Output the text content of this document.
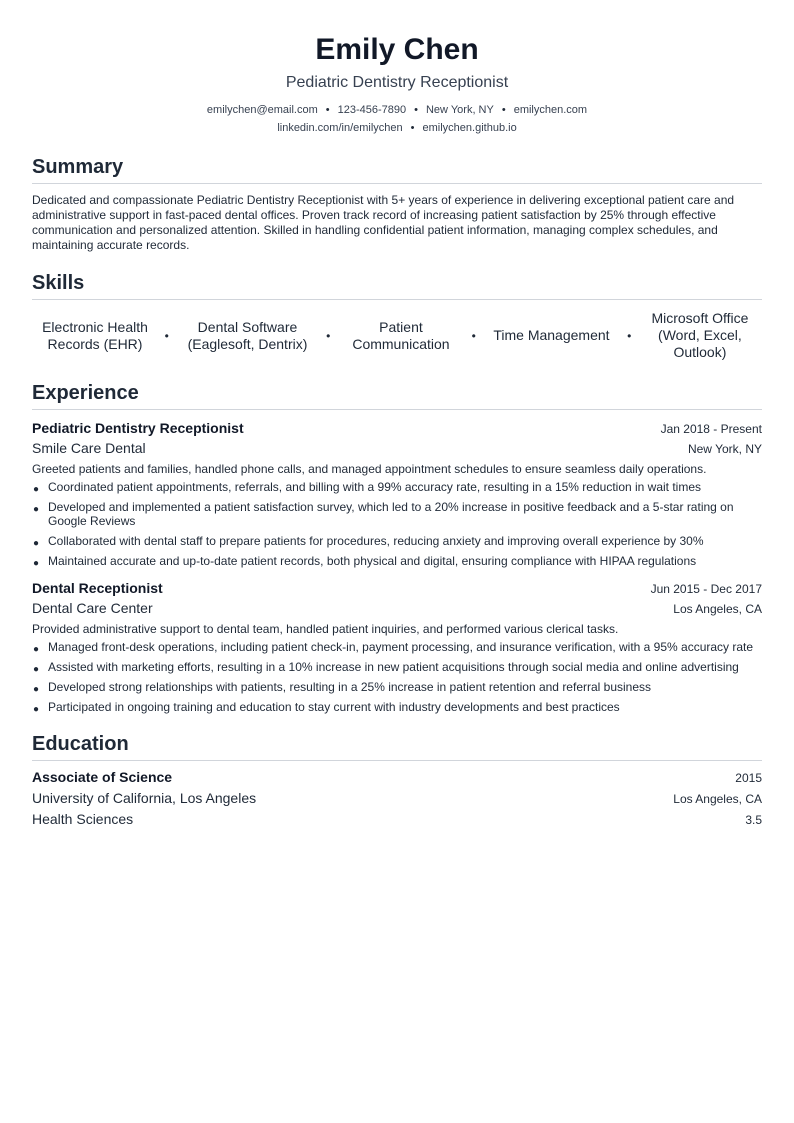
Emily Chen
Pediatric Dentistry Receptionist
emilychen@email.com • 123-456-7890 • New York, NY • emilychen.com
linkedin.com/in/emilychen • emilychen.github.io
Summary
Dedicated and compassionate Pediatric Dentistry Receptionist with 5+ years of experience in delivering exceptional patient care and administrative support in fast-paced dental offices. Proven track record of increasing patient satisfaction by 25% through effective communication and personalized attention. Skilled in handling confidential patient information, managing complex schedules, and maintaining accurate records.
Skills
Electronic Health Records (EHR)	•
Dental Software (Eaglesoft, Dentrix)	•
Patient Communication	•	Time Management	•
Microsoft Office (Word, Excel, Outlook)
Experience
Pediatric Dentistry Receptionist	Jan 2018 - Present
Smile Care Dental	New York, NY
Greeted patients and families, handled phone calls, and managed appointment schedules to ensure seamless daily operations.
● Coordinated patient appointments, referrals, and billing with a 99% accuracy rate, resulting in a 15% reduction in wait times
● Developed and implemented a patient satisfaction survey, which led to a 20% increase in positive feedback and a 5-star rating on Google Reviews
● Collaborated with dental staff to prepare patients for procedures, reducing anxiety and improving overall experience by 30%
● Maintained accurate and up-to-date patient records, both physical and digital, ensuring compliance with HIPAA regulations
Dental Receptionist	Jun 2015 - Dec 2017
Dental Care Center	Los Angeles, CA
Provided administrative support to dental team, handled patient inquiries, and performed various clerical tasks.
● Managed front-desk operations, including patient check-in, payment processing, and insurance verification, with a 95% accuracy rate
● Assisted with marketing efforts, resulting in a 10% increase in new patient acquisitions through social media and online advertising
● Developed strong relationships with patients, resulting in a 25% increase in patient retention and referral business
● Participated in ongoing training and education to stay current with industry developments and best practices
Education
Associate of Science	2015
University of California, Los Angeles	Los Angeles, CA
Health Sciences	3.5
